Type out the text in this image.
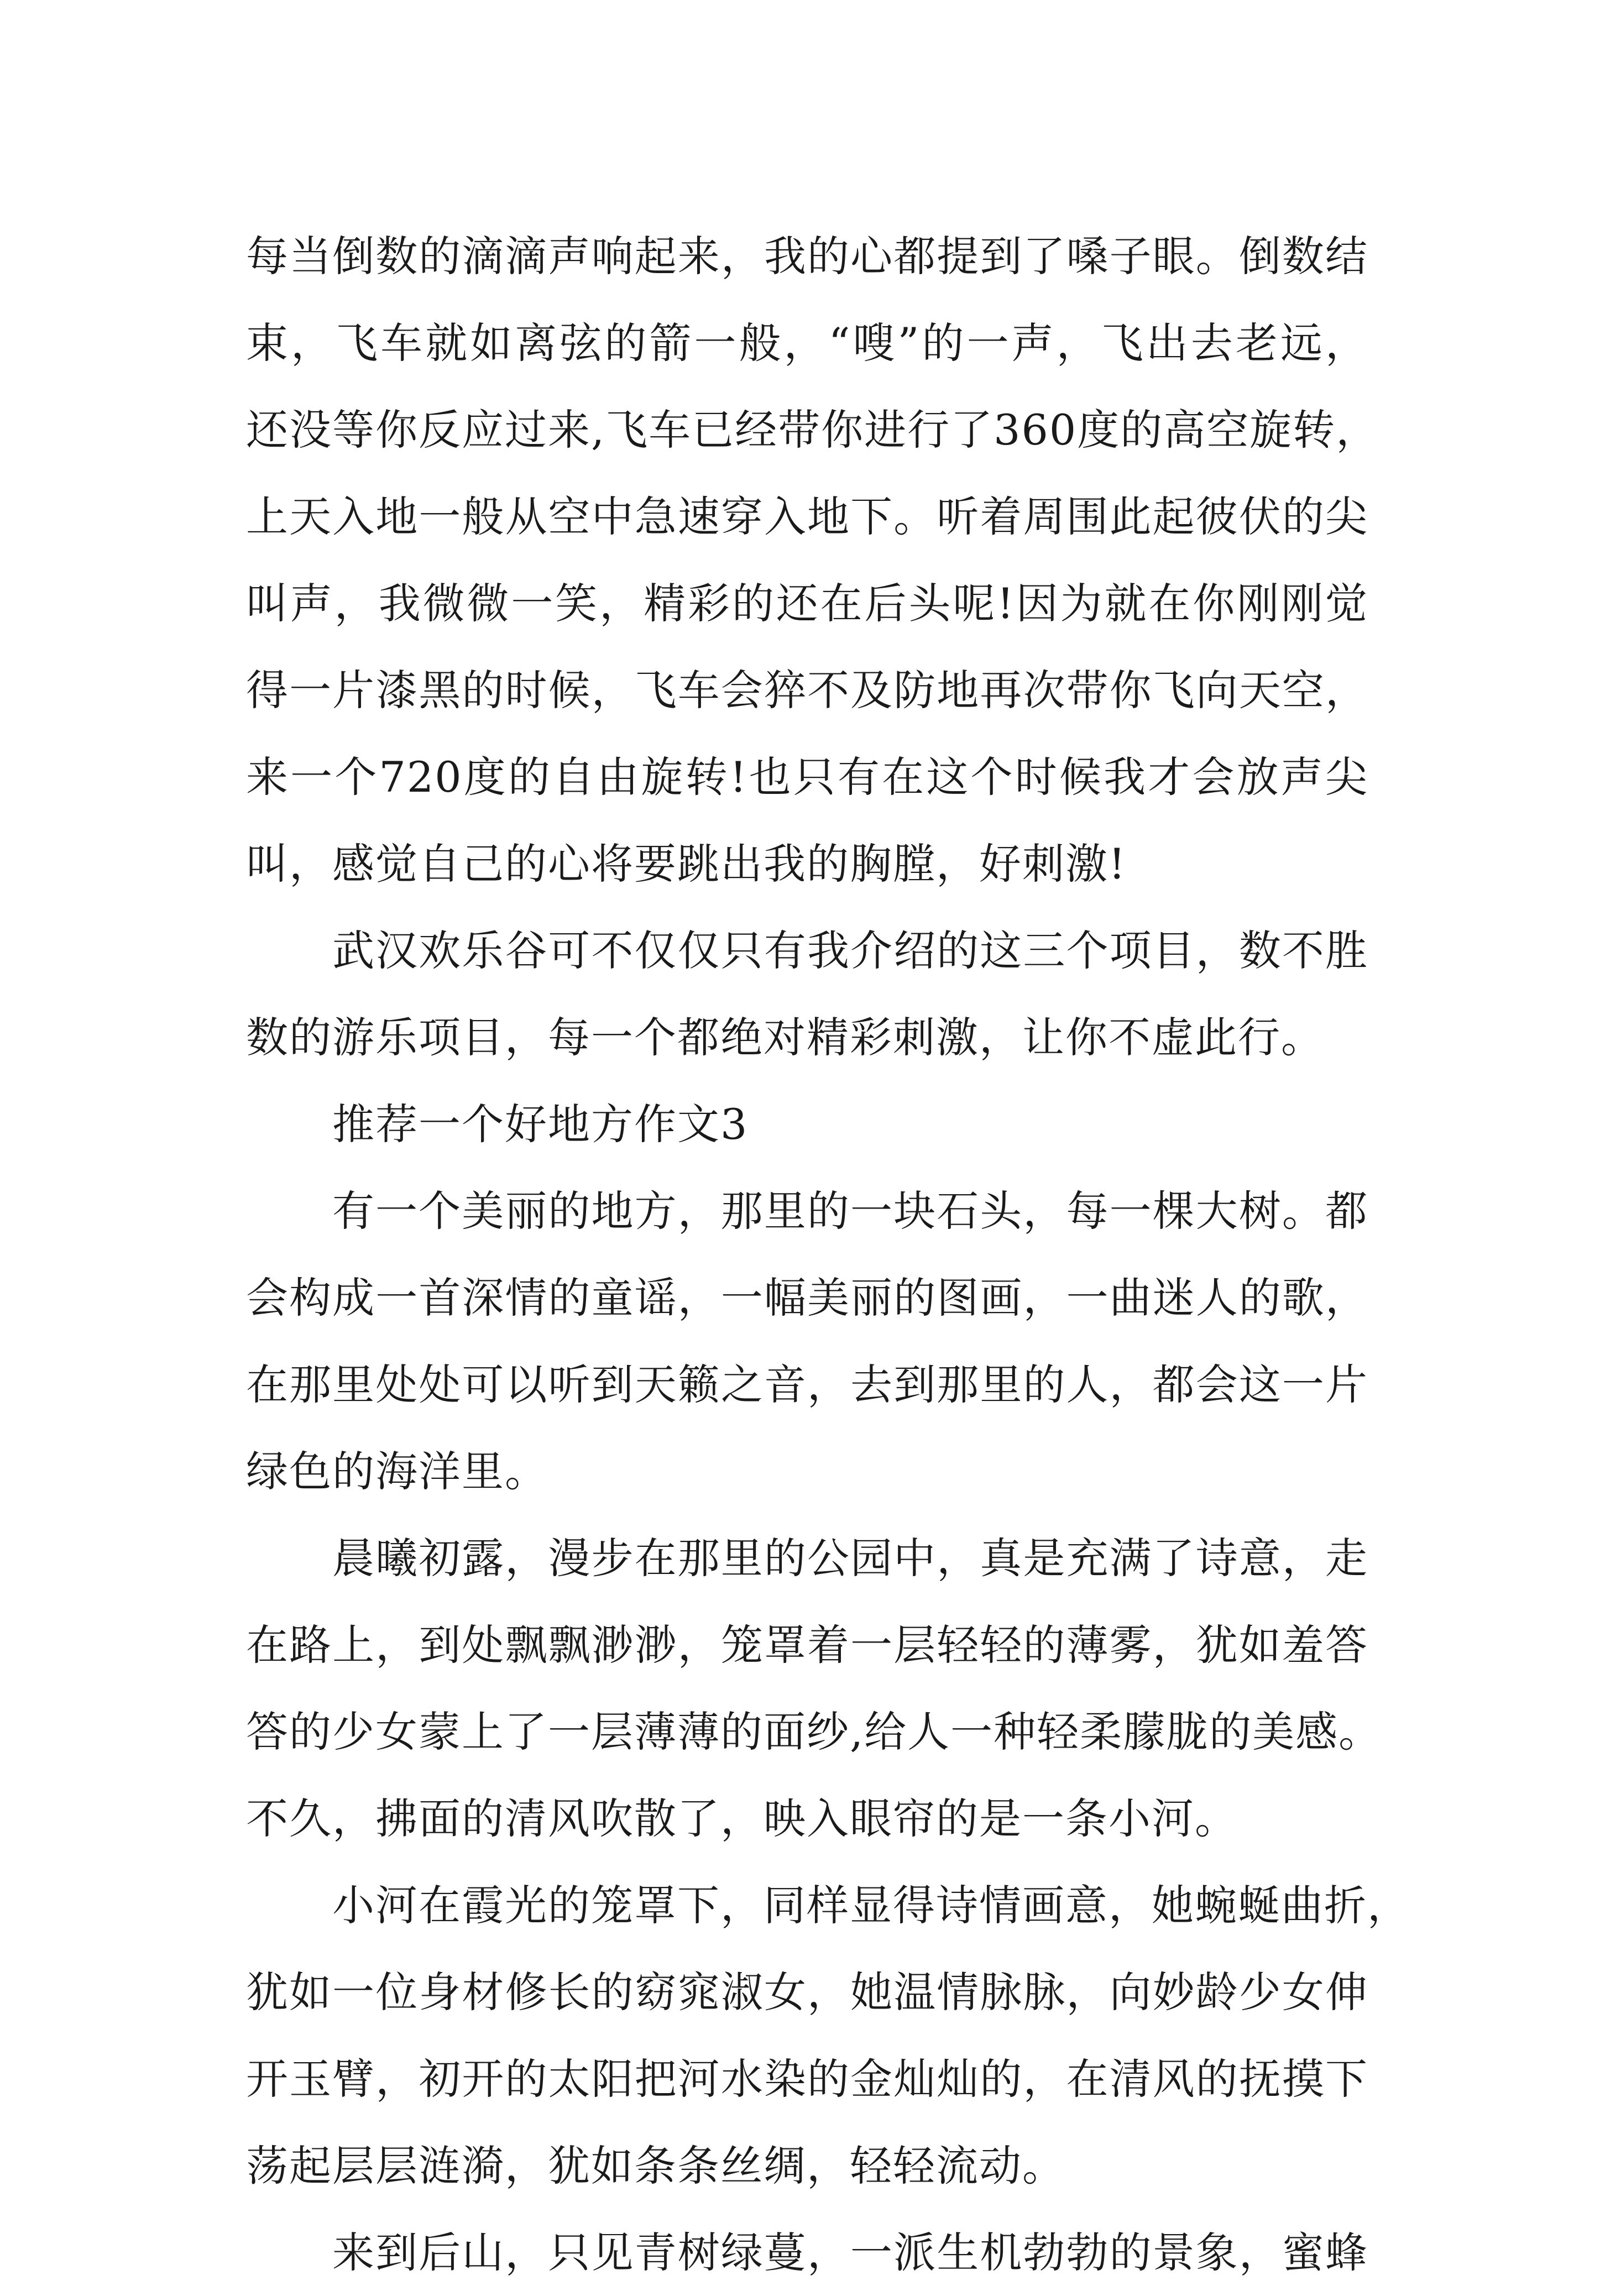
每当倒数的滴滴声响起来，我的心都提到了嗓子眼。倒数结
束，飞车就如离弦的箭一般，“嗖”的一声，飞出去老远，
还没等你反应过来,飞车已经带你进行了360度的高空旋转，
上天入地一般从空中急速穿入地下。听着周围此起彼伏的尖
叫声，我微微一笑，精彩的还在后头呢!因为就在你刚刚觉
得一片漆黑的时候，飞车会猝不及防地再次带你飞向天空，
来一个720度的自由旋转!也只有在这个时候我才会放声尖
叫，感觉自己的心将要跳出我的胸膛，好刺激!
武汉欢乐谷可不仅仅只有我介绍的这三个项目，数不胜
数的游乐项目，每一个都绝对精彩刺激，让你不虚此行。
推荐一个好地方作文3
有一个美丽的地方，那里的一块石头，每一棵大树。都
会构成一首深情的童谣，一幅美丽的图画，一曲迷人的歌，
在那里处处可以听到天籁之音，去到那里的人，都会这一片
绿色的海洋里。
晨曦初露，漫步在那里的公园中，真是充满了诗意，走
在路上，到处飘飘渺渺，笼罩着一层轻轻的薄雾，犹如羞答
答的少女蒙上了一层薄薄的面纱,给人一种轻柔朦胧的美感。
不久，拂面的清风吹散了，映入眼帘的是一条小河。
小河在霞光的笼罩下，同样显得诗情画意，她蜿蜒曲折，
犹如一位身材修长的窈窕淑女，她温情脉脉，向妙龄少女伸
开玉臂，初开的太阳把河水染的金灿灿的，在清风的抚摸下
荡起层层涟漪，犹如条条丝绸，轻轻流动。
来到后山，只见青树绿蔓，一派生机勃勃的景象，蜜蜂
